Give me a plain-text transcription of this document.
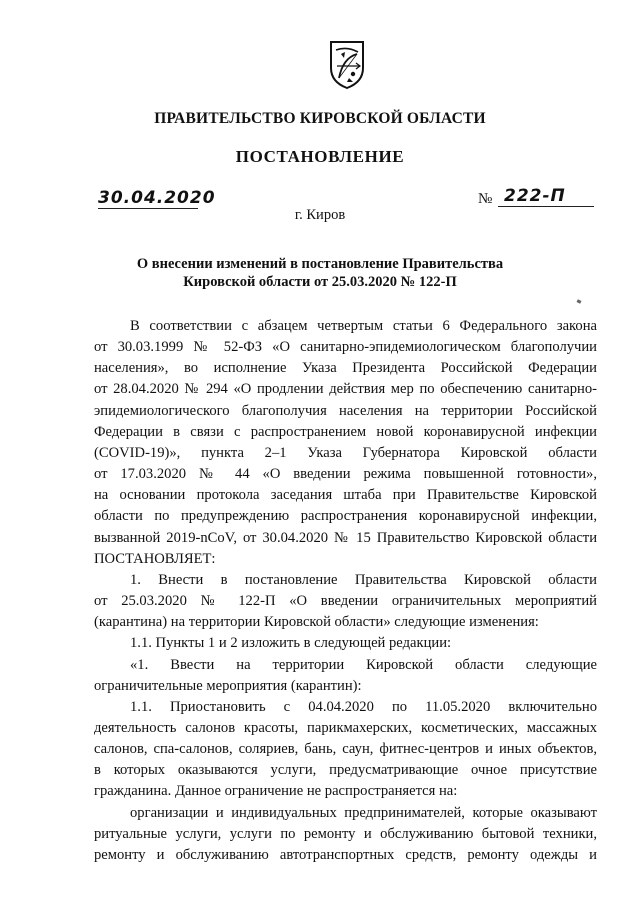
ПРАВИТЕЛЬСТВО КИРОВСКОЙ ОБЛАСТИ
ПОСТАНОВЛЕНИЕ
30.04.2020	№ 222-П
г. Киров
О внесении изменений в постановление Правительства
Кировской области от 25.03.2020 № 122-П

В соответствии с абзацем четвертым статьи 6 Федерального закона

от 30.03.1999 № 52-ФЗ «О санитарно-эпидемиологическом благополучии

населения», во исполнение Указа Президента Российской Федерации

от 28.04.2020 № 294 «О продлении действия мер по обеспечению санитарно-

эпидемиологического благополучия населения на территории Российской

Федерации в связи с распространением новой коронавирусной инфекции

(COVID-19)», пункта 2–1 Указа Губернатора Кировской области

от 17.03.2020 № 44 «О введении режима повышенной готовности»,

на основании протокола заседания штаба при Правительстве Кировской

области по предупреждению распространения коронавирусной инфекции,

вызванной 2019-nCoV, от 30.04.2020 № 15 Правительство Кировской области

ПОСТАНОВЛЯЕТ:

1. Внести в постановление Правительства Кировской области

от 25.03.2020 № 122-П «О введении ограничительных мероприятий

(карантина) на территории Кировской области» следующие изменения:

1.1. Пункты 1 и 2 изложить в следующей редакции:

«1. Ввести на территории Кировской области следующие

ограничительные мероприятия (карантин):

1.1. Приостановить с 04.04.2020 по 11.05.2020 включительно

деятельность салонов красоты, парикмахерских, косметических, массажных

салонов, спа-салонов, соляриев, бань, саун, фитнес-центров и иных объектов,

в которых оказываются услуги, предусматривающие очное присутствие

гражданина. Данное ограничение не распространяется на:

организации и индивидуальных предпринимателей, которые оказывают

ритуальные услуги, услуги по ремонту и обслуживанию бытовой техники,

ремонту и обслуживанию автотранспортных средств, ремонту одежды и
